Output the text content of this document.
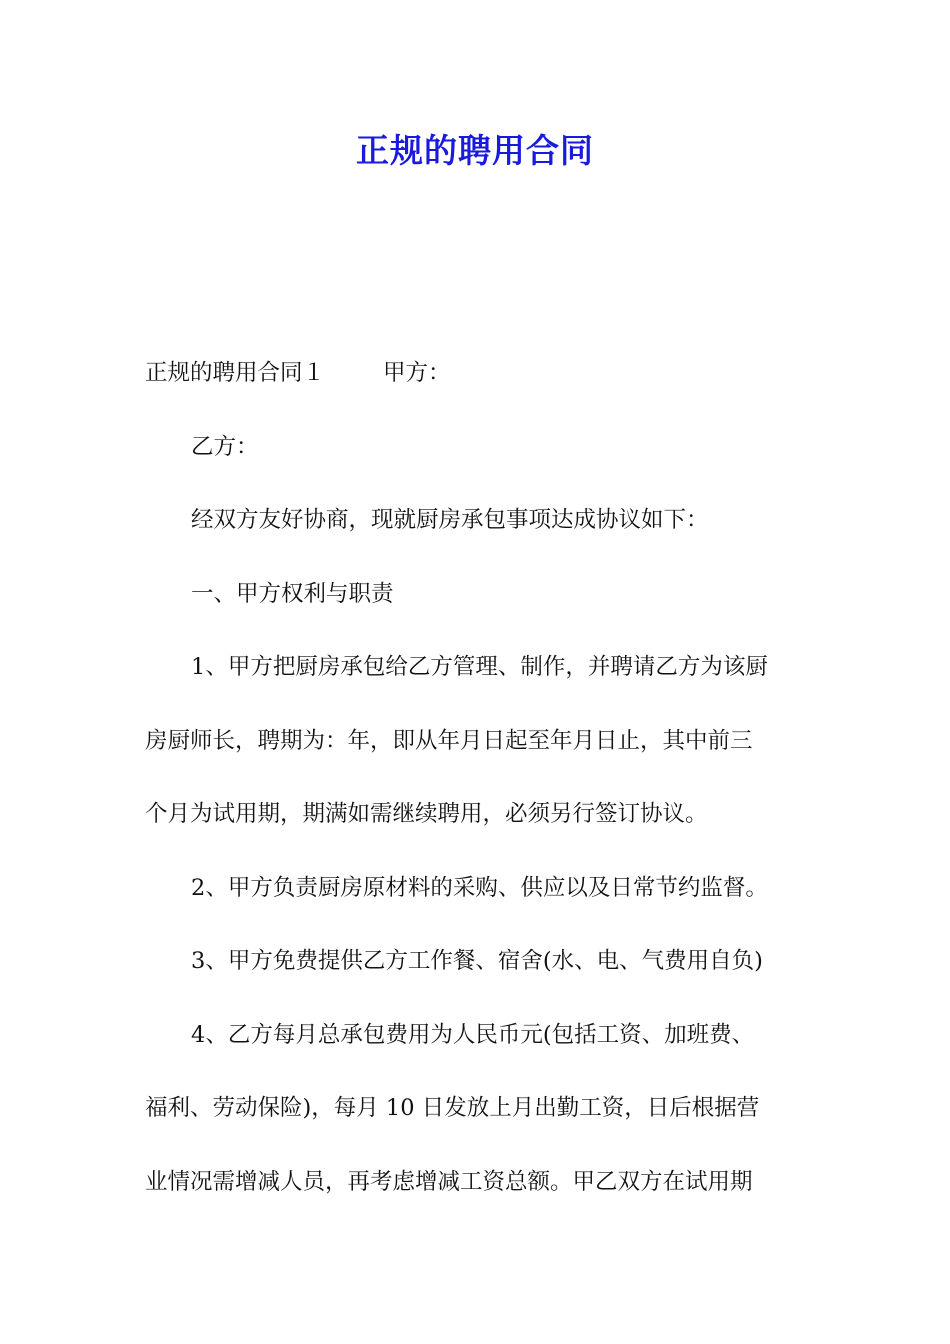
正规的聘用合同

正规的聘用合同１	甲方：

乙方：

经双方友好协商，现就厨房承包事项达成协议如下：

一、甲方权利与职责

1、甲方把厨房承包给乙方管理、制作，并聘请乙方为该厨

房厨师长，聘期为：年，即从年月日起至年月日止，其中前三

个月为试用期，期满如需继续聘用，必须另行签订协议。

2、甲方负责厨房原材料的采购、供应以及日常节约监督。

3、甲方免费提供乙方工作餐、宿舍(水、电、气费用自负)

4、乙方每月总承包费用为人民币元(包括工资、加班费、

福利、劳动保险)，每月 10 日发放上月出勤工资，日后根据营

业情况需增减人员，再考虑增减工资总额。甲乙双方在试用期
